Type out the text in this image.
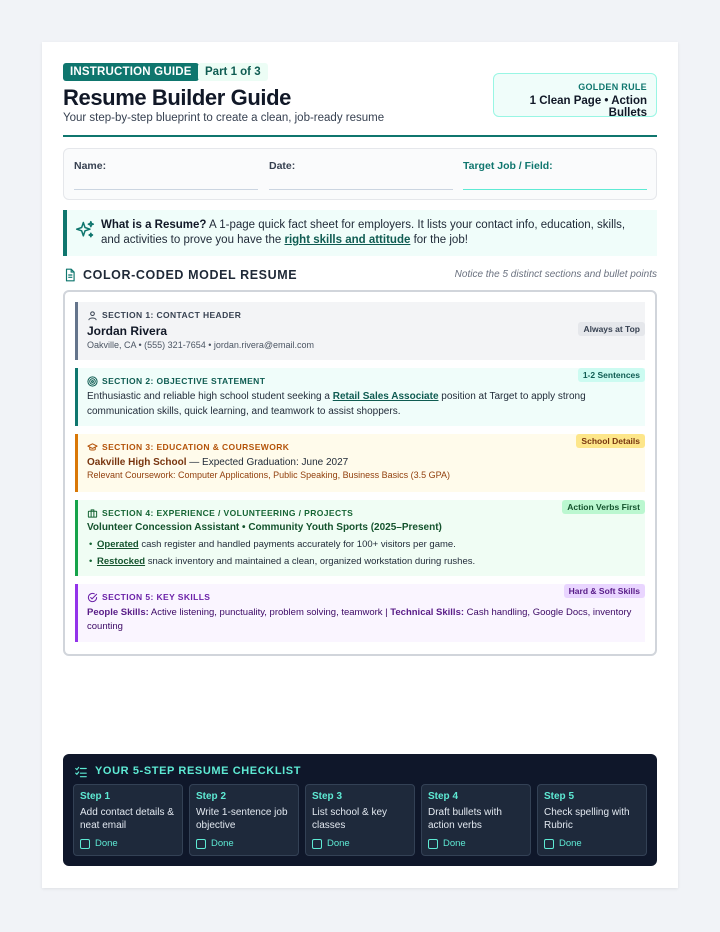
INSTRUCTION GUIDE	Part 1 of 3
Resume Builder Guide
Your step-by-step blueprint to create a clean, job-ready resume
GOLDEN RULE
1 Clean Page • Action Bullets
Name:	Date:	Target Job / Field:
What is a Resume? A 1-page quick fact sheet for employers. It lists your contact info, education, skills, and activities to prove you have the right skills and attitude for the job!
COLOR-CODED MODEL RESUME	Notice the 5 distinct sections and bullet points
SECTION 1: CONTACT HEADER
Always at Top
Jordan Rivera
Oakville, CA • (555) 321-7654 • jordan.rivera@email.com
SECTION 2: OBJECTIVE STATEMENT
1-2 Sentences
Enthusiastic and reliable high school student seeking a Retail Sales Associate position at Target to apply strong communication skills, quick learning, and teamwork to assist shoppers.
SECTION 3: EDUCATION & COURSEWORK
School Details
Oakville High School — Expected Graduation: June 2027
Relevant Coursework: Computer Applications, Public Speaking, Business Basics (3.5 GPA)
SECTION 4: EXPERIENCE / VOLUNTEERING / PROJECTS
Action Verbs First
Volunteer Concession Assistant • Community Youth Sports (2025–Present)
• Operated cash register and handled payments accurately for 100+ visitors per game.
• Restocked snack inventory and maintained a clean, organized workstation during rushes.
SECTION 5: KEY SKILLS
Hard & Soft Skills
People Skills: Active listening, punctuality, problem solving, teamwork | Technical Skills: Cash handling, Google Docs, inventory counting
YOUR 5-STEP RESUME CHECKLIST
Step 1
Add contact details & neat email
Done
Step 2
Write 1-sentence job objective
Done
Step 3
List school & key classes
Done
Step 4
Draft bullets with action verbs
Done
Step 5
Check spelling with Rubric
Done
